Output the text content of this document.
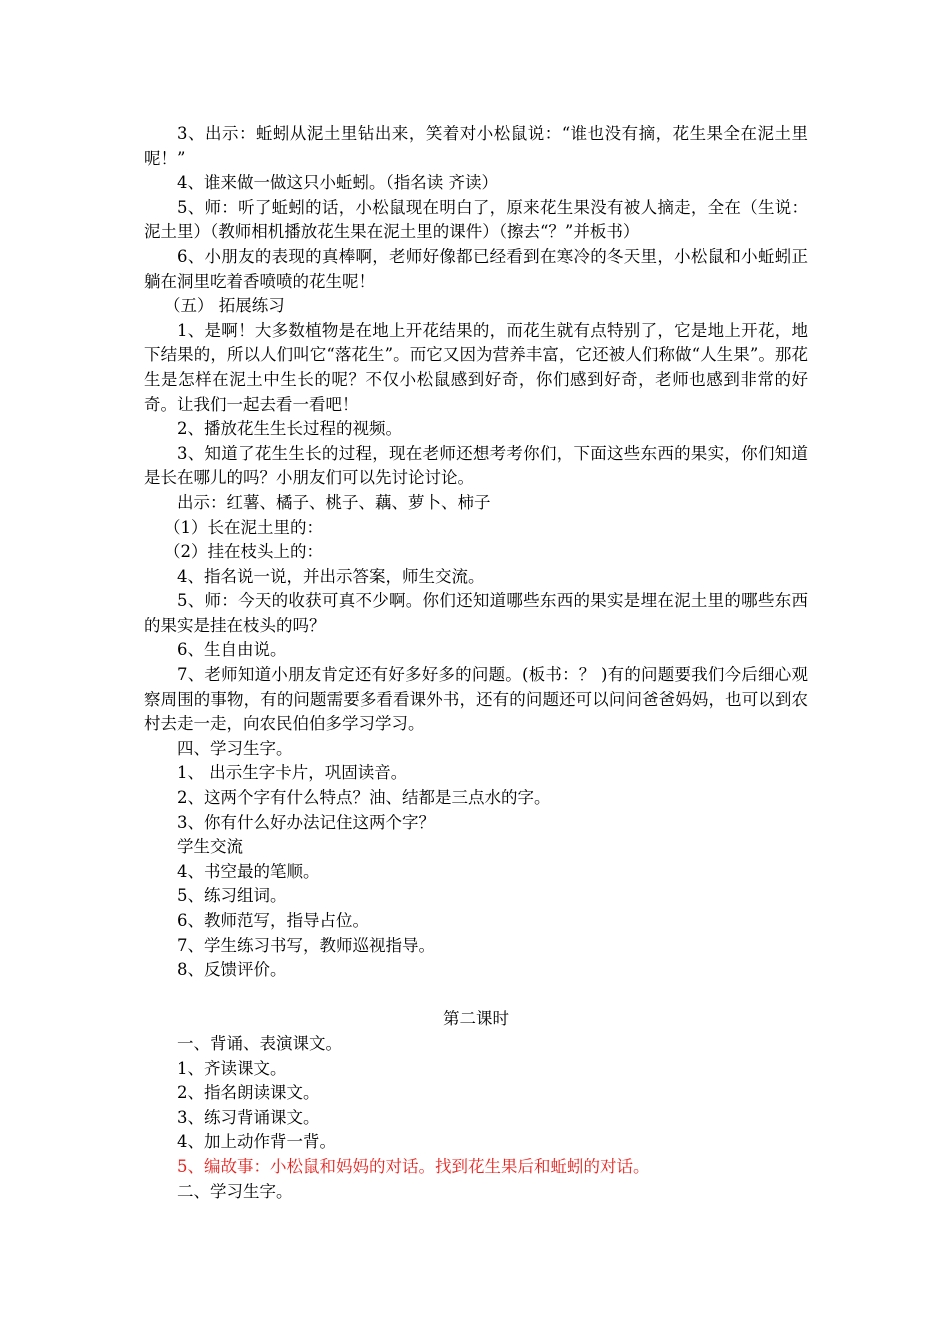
3、出示：蚯蚓从泥土里钻出来，笑着对小松鼠说：“谁也没有摘，花生果全在泥土里呢！”

4、谁来做一做这只小蚯蚓。（指名读 齐读）

5、师：听了蚯蚓的话，小松鼠现在明白了，原来花生果没有被人摘走，全在（生说：泥土里）（教师相机播放花生果在泥土里的课件）（擦去“？”并板书）

6、小朋友的表现的真棒啊，老师好像都已经看到在寒冷的冬天里，小松鼠和小蚯蚓正躺在洞里吃着香喷喷的花生呢！

（五） 拓展练习

1、是啊！大多数植物是在地上开花结果的，而花生就有点特别了，它是地上开花，地下结果的，所以人们叫它“落花生”。而它又因为营养丰富，它还被人们称做“人生果”。那花生是怎样在泥土中生长的呢？不仅小松鼠感到好奇，你们感到好奇，老师也感到非常的好奇。让我们一起去看一看吧！

2、播放花生生长过程的视频。

3、知道了花生生长的过程，现在老师还想考考你们，下面这些东西的果实，你们知道是长在哪儿的吗？小朋友们可以先讨论讨论。

出示：红薯、橘子、桃子、藕、萝卜、柿子

（1）长在泥土里的：

（2）挂在枝头上的：

4、指名说一说，并出示答案，师生交流。

5、师：今天的收获可真不少啊。你们还知道哪些东西的果实是埋在泥土里的哪些东西的果实是挂在枝头的吗？

6、生自由说。

7、老师知道小朋友肯定还有好多好多的问题。(板书：？ )有的问题要我们今后细心观察周围的事物，有的问题需要多看看课外书，还有的问题还可以问问爸爸妈妈，也可以到农村去走一走，向农民伯伯多学习学习。

四、学习生字。

1、 出示生字卡片，巩固读音。

2、这两个字有什么特点？油、结都是三点水的字。

3、你有什么好办法记住这两个字？

学生交流

4、书空最的笔顺。

5、练习组词。

6、教师范写，指导占位。

7、学生练习书写，教师巡视指导。

8、反馈评价。

第二课时

一、背诵、表演课文。

1、齐读课文。

2、指名朗读课文。

3、练习背诵课文。

4、加上动作背一背。

5、编故事：小松鼠和妈妈的对话。找到花生果后和蚯蚓的对话。

二、学习生字。
